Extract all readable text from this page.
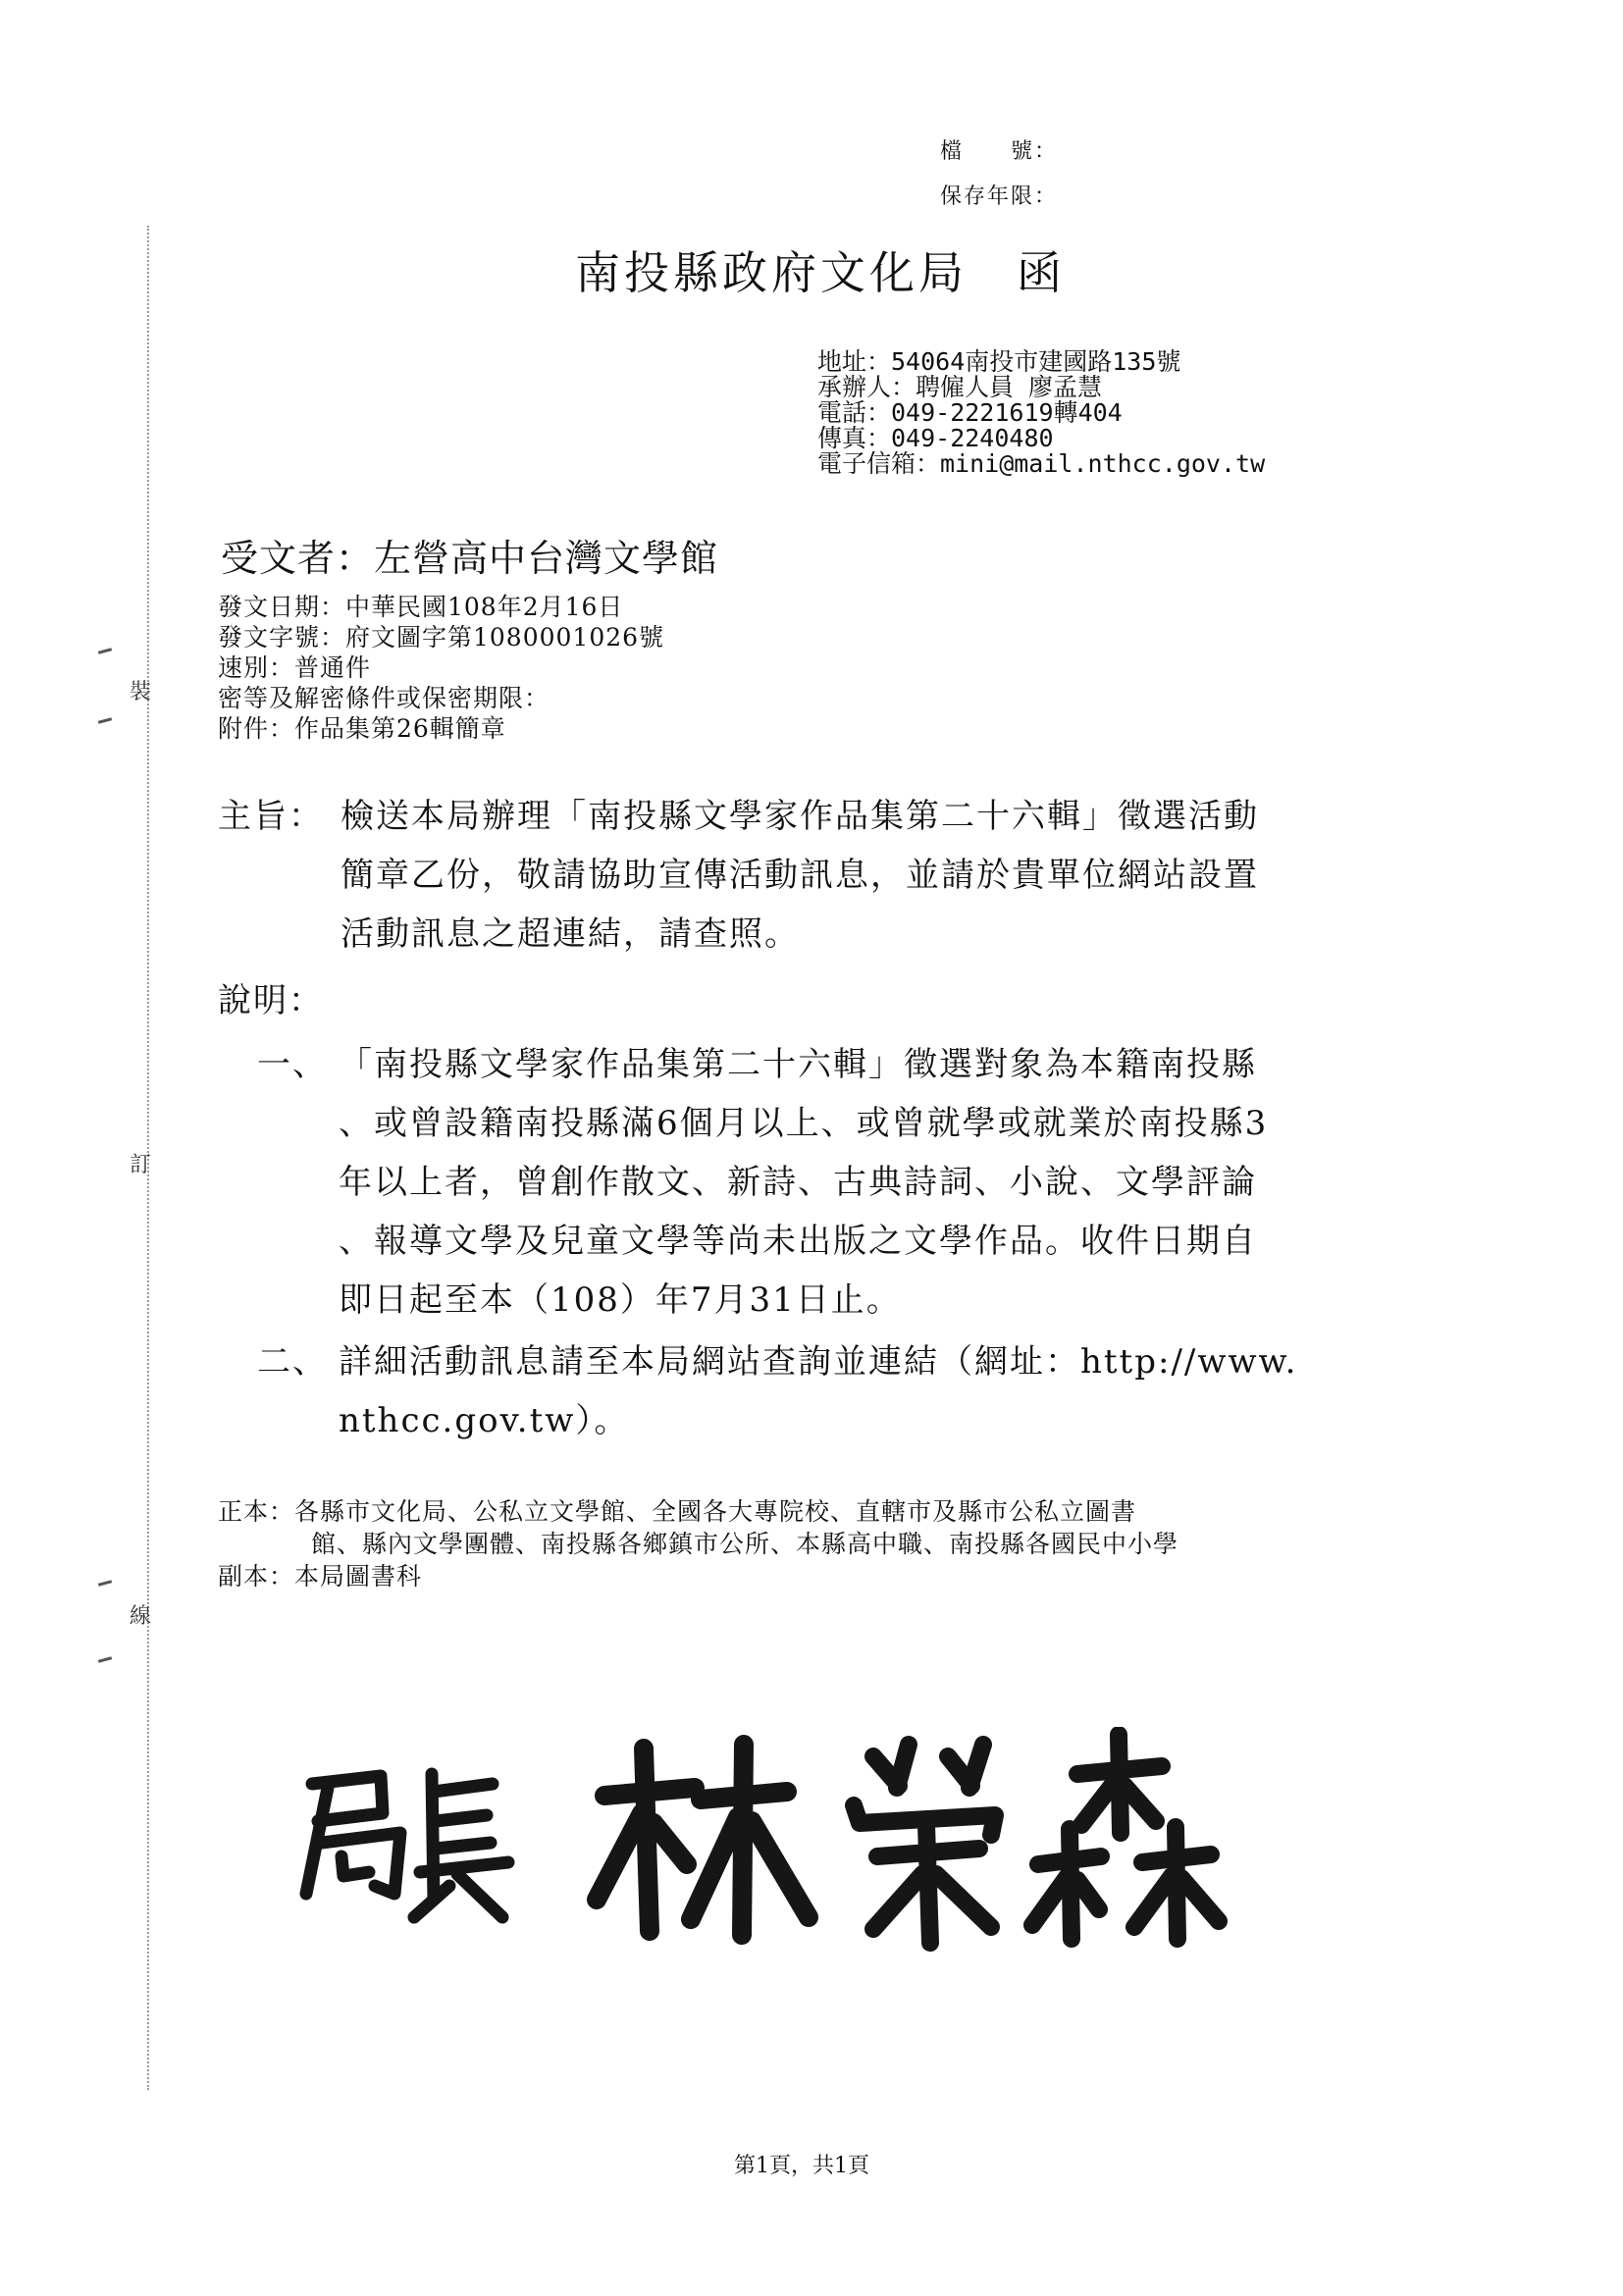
裝
訂
線
檔　　號：
保存年限：
南投縣政府文化局　函
地址：54064南投市建國路135號
承辦人：聘僱人員 廖孟慧
電話：049-2221619轉404
傳真：049-2240480
電子信箱：mini@mail.nthcc.gov.tw
受文者：左營高中台灣文學館
發文日期：中華民國108年2月16日
發文字號：府文圖字第1080001026號
速別：普通件
密等及解密條件或保密期限：
附件：作品集第26輯簡章
主旨： 檢送本局辦理「南投縣文學家作品集第二十六輯」徵選活動
簡章乙份，敬請協助宣傳活動訊息，並請於貴單位網站設置
活動訊息之超連結，請查照。
說明：
一、 「南投縣文學家作品集第二十六輯」徵選對象為本籍南投縣
、或曾設籍南投縣滿6個月以上、或曾就學或就業於南投縣3
年以上者，曾創作散文、新詩、古典詩詞、小說、文學評論
、報導文學及兒童文學等尚未出版之文學作品。收件日期自
即日起至本（108）年7月31日止。
二、 詳細活動訊息請至本局網站查詢並連結（網址：http://www.
nthcc.gov.tw）。
正本：各縣市文化局、公私立文學館、全國各大專院校、直轄市及縣市公私立圖書
館、縣內文學團體、南投縣各鄉鎮市公所、本縣高中職、南投縣各國民中小學
副本：本局圖書科
第1頁，共1頁
